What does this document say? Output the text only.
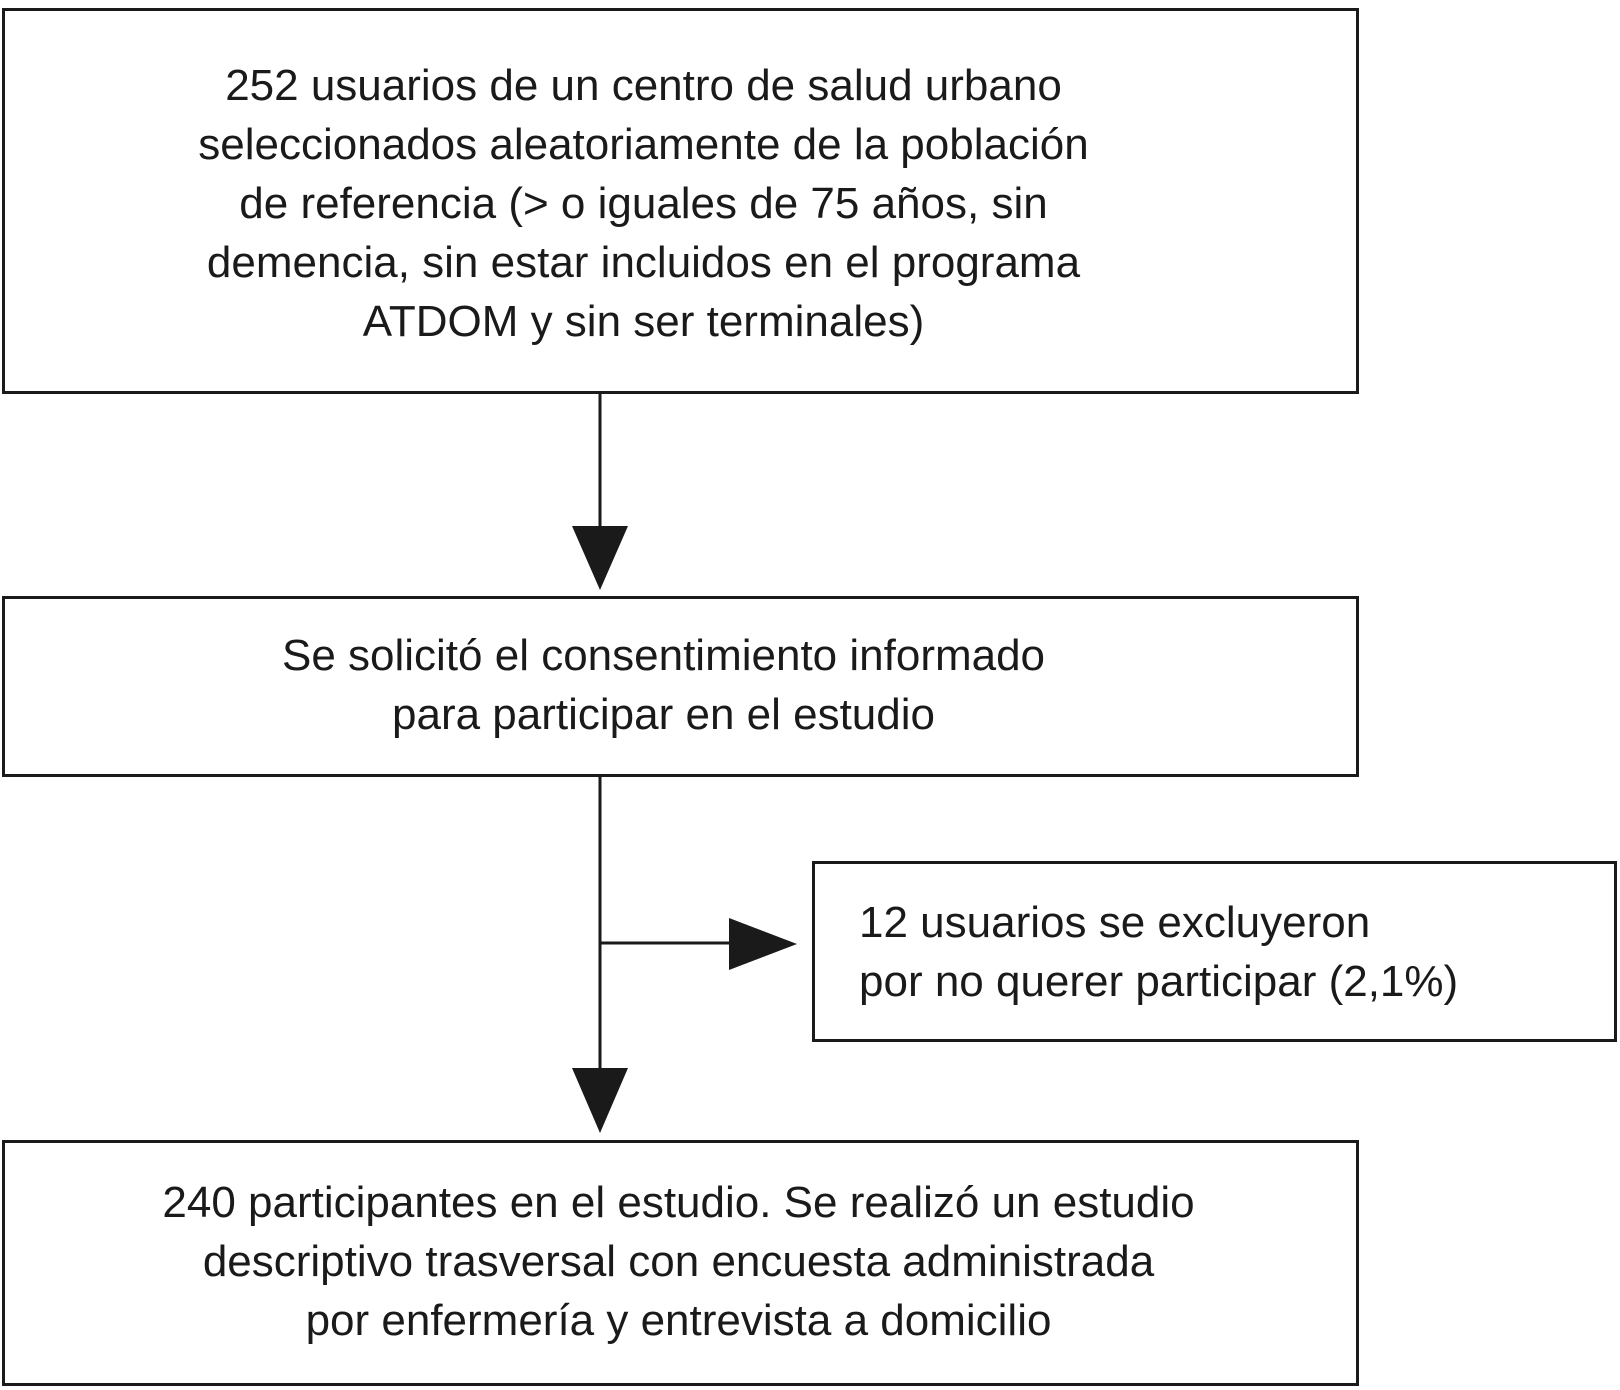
252 usuarios de un centro de salud urbano
seleccionados aleatoriamente de la población
de referencia (> o iguales de 75 años, sin
demencia, sin estar incluidos en el programa
ATDOM y sin ser terminales)
Se solicitó el consentimiento informado
para participar en el estudio
12 usuarios se excluyeron
por no querer participar (2,1%)
240 participantes en el estudio. Se realizó un estudio
descriptivo trasversal con encuesta administrada
por enfermería y entrevista a domicilio
